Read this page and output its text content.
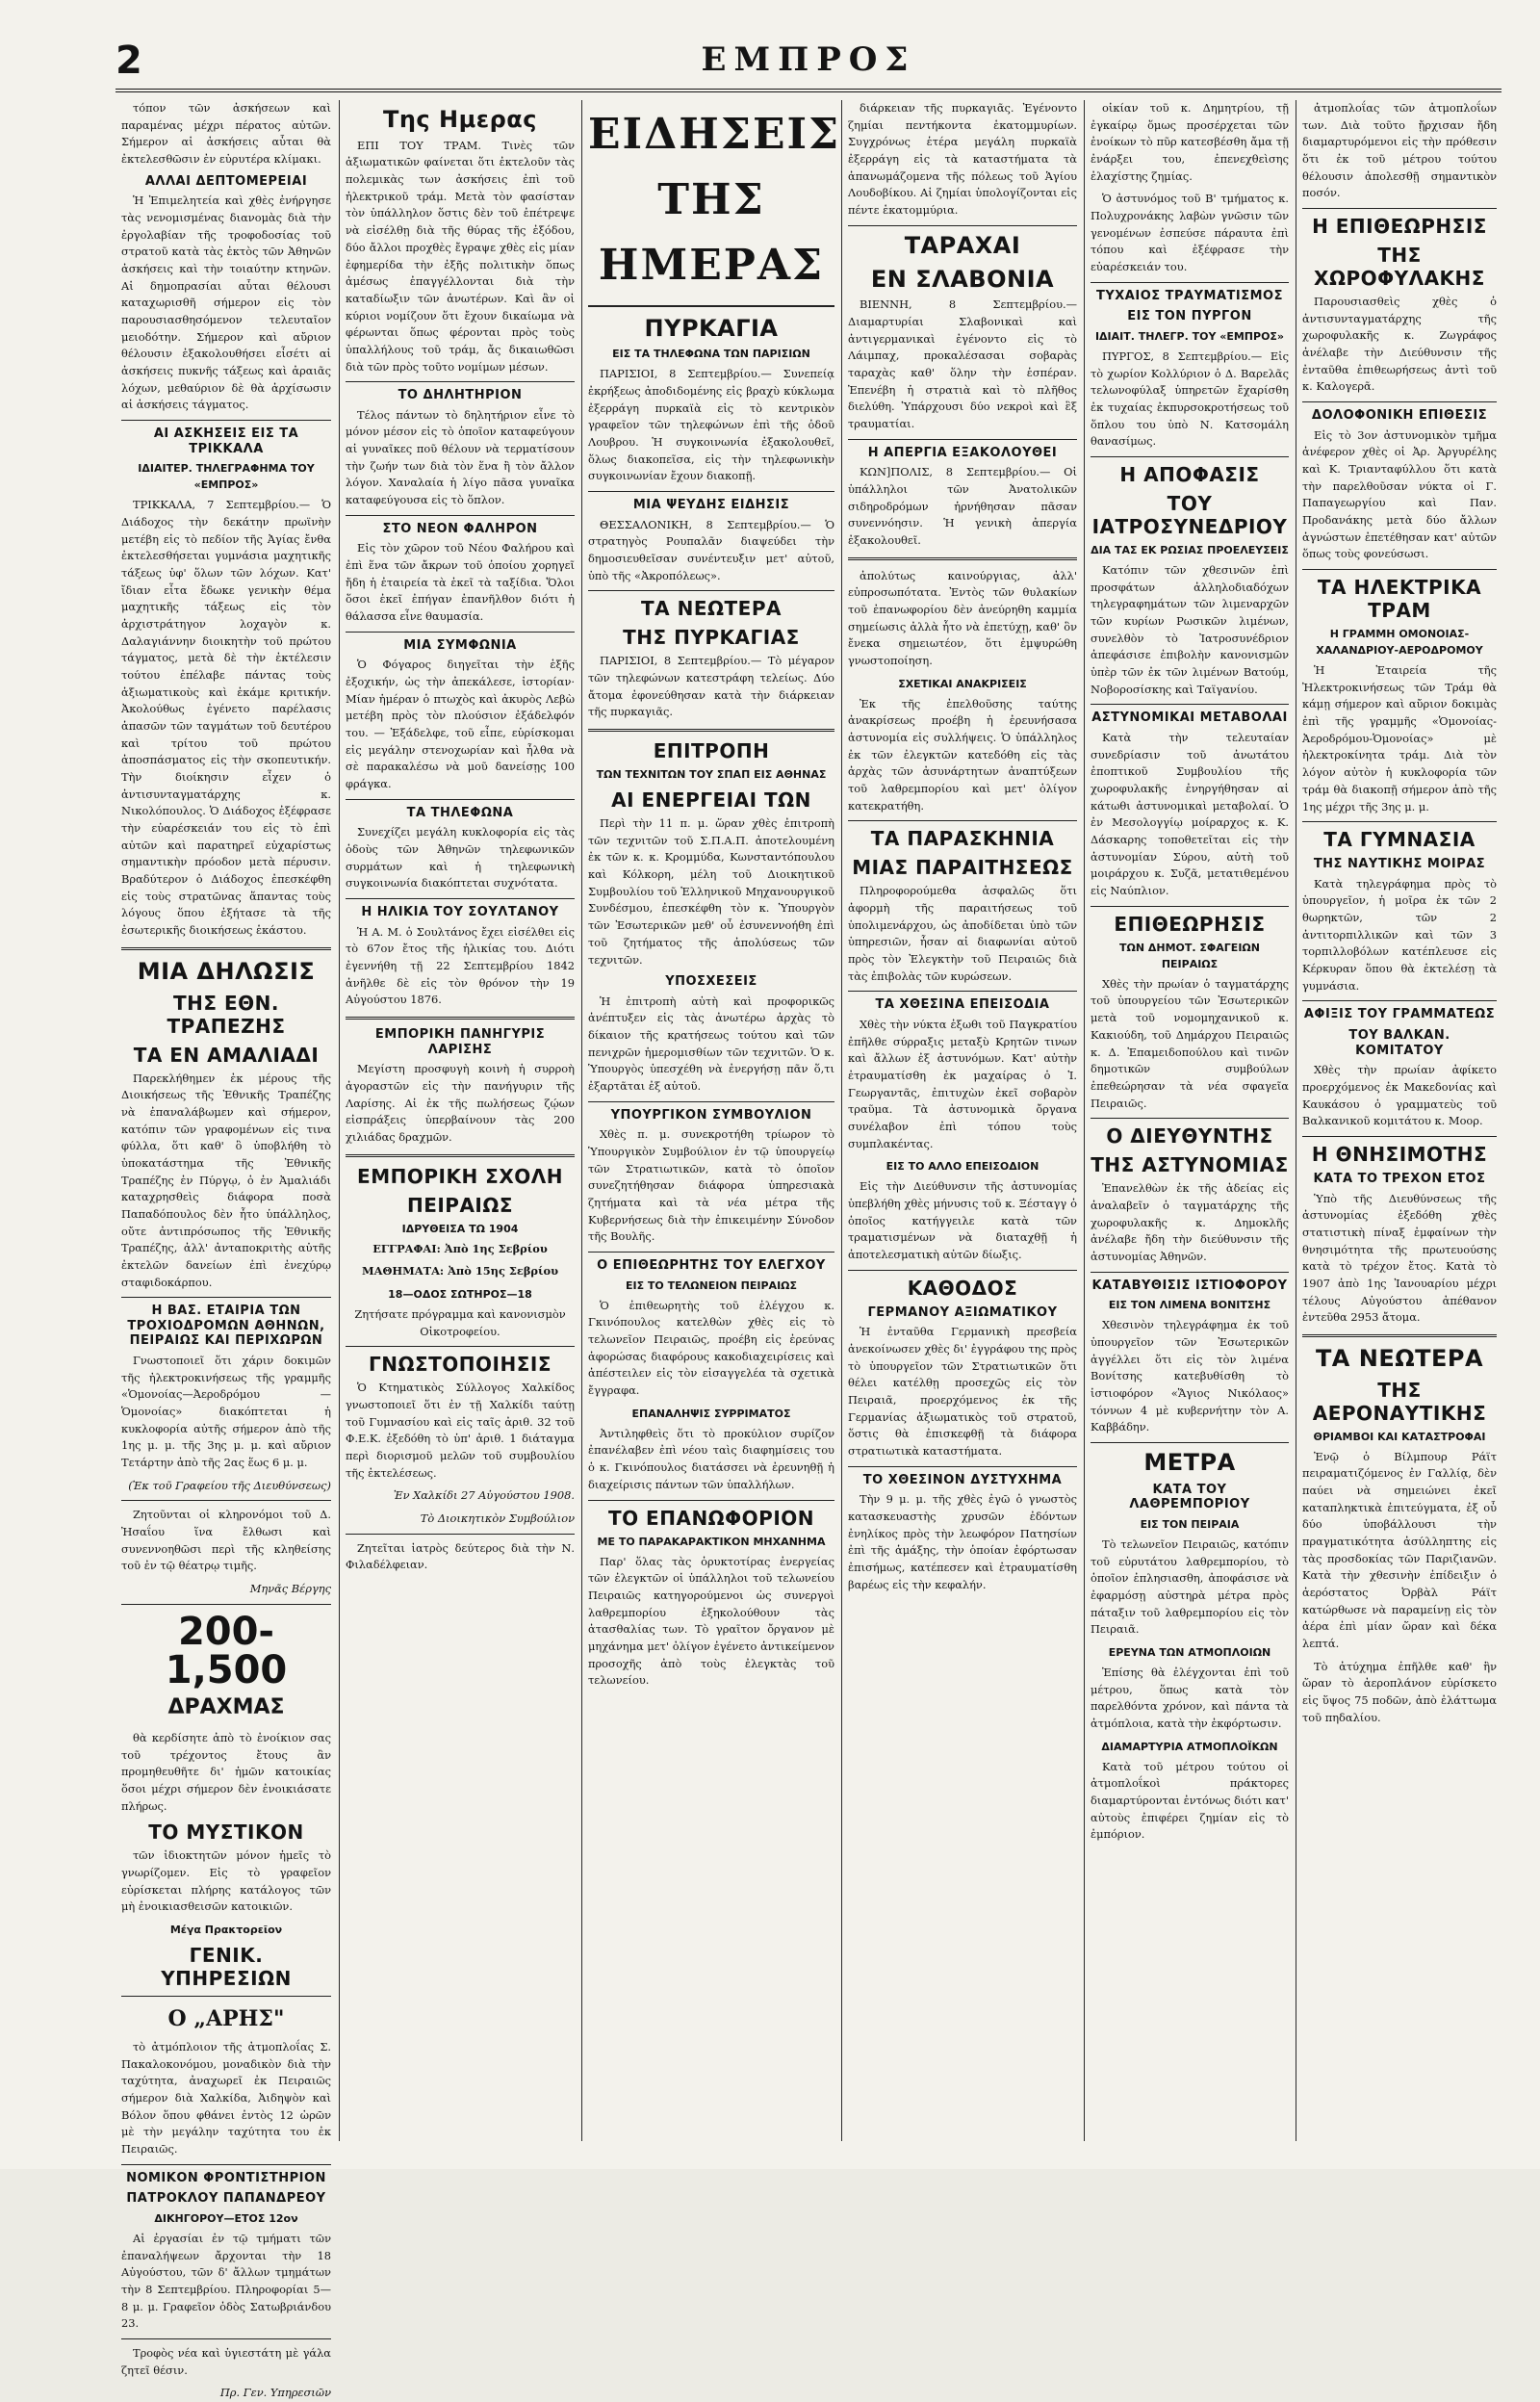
2	ΕΜΠΡΟΣ

τόπον τῶν ἀσκήσεων καὶ παραμένας μέχρι πέρατος αὐτῶν. Σήμερον αἱ ἀσκήσεις αὗται θὰ ἐκτελεσθῶσιν ἐν εὐρυτέρα κλίμακι.

ΑΛΛΑΙ ΔΕΠΤΟΜΕΡΕΙΑΙ

Ἡ Ἐπιμελητεία καὶ χθὲς ἐνήργησε τὰς νενομισμένας διανομὰς διὰ τὴν ἐργολαβίαν τῆς τροφοδοσίας τοῦ στρατοῦ κατὰ τὰς ἐκτὸς τῶν Ἀθηνῶν ἀσκήσεις καὶ τὴν τοιαύτην κτηνῶν. Αἱ δημοπρασίαι αὗται θέλουσι καταχωρισθῆ σήμερον εἰς τὸν παρουσιασθησόμενον τελευταῖον μειοδότην. Σήμερον καὶ αὔριον θέλουσιν ἐξακολουθήσει εἶσέτι αἱ ἀσκήσεις πυκνῆς τάξεως καὶ ἀραιᾶς λόχων, μεθαύριον δὲ θὰ ἀρχίσωσιν αἱ ἀσκήσεις τάγματος.

ΑΙ ΑΣΚΗΣΕΙΣ ΕΙΣ ΤΑ ΤΡΙΚΚΑΛΑ
ΙΔΙΑΙΤΕΡ. ΤΗΛΕΓΡΑΦΗΜΑ ΤΟΥ «ΕΜΠΡΟΣ»

ΤΡΙΚΚΑΛΑ, 7 Σεπτεμβρίου.— Ὁ Διάδοχος τὴν δεκάτην πρωϊνὴν μετέβη εἰς τὸ πεδίον τῆς Ἀγίας ἔνθα ἐκτελεσθήσεται γυμνάσια μαχητικῆς τάξεως ὑφ' ὅλων τῶν λόχων. Κατ' ἴδιαν εἶτα ἔδωκε γενικὴν θέμα μαχητικῆς τάξεως εἰς τὸν ἀρχιστράτηγον λοχαγὸν κ. Δαλαγιάννην διοικητὴν τοῦ πρώτου τάγματος, μετὰ δὲ τὴν ἐκτέλεσιν τούτου ἐπέλαβε πάντας τοὺς ἀξιωματικοὺς καὶ ἐκάμε κριτικήν. Ἀκολούθως ἐγένετο παρέλασις ἁπασῶν τῶν ταγμάτων τοῦ δευτέρου καὶ τρίτου τοῦ πρώτου ἀποσπάσματος εἰς τὴν σκοπευτικήν. Τὴν διοίκησιν εἶχεν ὁ ἀντισυνταγματάρχης κ. Νικολόπουλος. Ὁ Διάδοχος ἐξέφρασε τὴν εὐαρέσκειάν του εἰς τὸ ἐπὶ αὐτῶν καὶ παρατηρεῖ εὐχαρίστως σημαντικὴν πρόοδον μετὰ πέρυσιν. Βραδύτερον ὁ Διάδοχος ἐπεσκέφθη εἰς τοὺς στρατῶνας ἅπαντας τοὺς λόγους ὅπου ἐξήτασε τὰ τῆς ἐσωτερικῆς διοικήσεως ἑκάστου.

ΜΙΑ ΔΗΛΩΣΙΣ
ΤΗΣ ΕΘΝ. ΤΡΑΠΕΖΗΣ
ΤΑ ΕΝ ΑΜΑΛΙΑΔΙ

Παρεκλήθημεν ἐκ μέρους τῆς Διοικήσεως τῆς Ἐθνικῆς Τραπέζης νὰ ἐπαναλάβωμεν καὶ σήμερον, κατόπιν τῶν γραφομένων εἰς τινα φύλλα, ὅτι καθ' ὃ ὑποβλήθη τὸ ὑποκατάστημα τῆς Ἐθνικῆς Τραπέζης ἐν Πύργῳ, ὁ ἐν Ἀμαλιάδι καταχρησθεὶς διάφορα ποσὰ Παπαδόπουλος δὲν ἦτο ὑπάλληλος, οὔτε ἀντιπρόσωπος τῆς Ἐθνικῆς Τραπέζης, ἀλλ' ἀνταποκριτὴς αὐτῆς ἐκτελῶν δανείων ἐπὶ ἐνεχύρῳ σταφιδοκάρπου.

Η ΒΑΣ. ΕΤΑΙΡΙΑ ΤΩΝ ΤΡΟΧΙΟΔΡΟΜΩΝ ΑΘΗΝΩΝ, ΠΕΙΡΑΙΩΣ ΚΑΙ ΠΕΡΙΧΩΡΩΝ

Γνωστοποιεῖ ὅτι χάριν δοκιμῶν τῆς ἠλεκτροκινήσεως τῆς γραμμῆς «Ὁμονοίας—Ἀεροδρόμου — Ὁμονοίας» διακόπτεται ἡ κυκλοφορία αὐτῆς σήμερον ἀπὸ τῆς 1ης μ. μ. τῆς 3ης μ. μ. καὶ αὔριον Τετάρτην ἀπὸ τῆς 2ας ἕως 6 μ. μ.

(Ἐκ τοῦ Γραφείου τῆς Διευθύνσεως)

Ζητοῦνται οἱ κληρονόμοι τοῦ Δ. Ἠσαΐου ἵνα ἔλθωσι καὶ συνεννοηθῶσι περὶ τῆς κληθείσης τοῦ ἐν τῷ θέατρῳ τιμῆς.

Μηνᾶς Βέργης

200-1,500
ΔΡΑΧΜΑΣ

θὰ κερδίσητε ἀπὸ τὸ ἐνοίκιον σας τοῦ τρέχοντος ἔτους ἂν προμηθευθῆτε δι' ἡμῶν κατοικίας ὅσοι μέχρι σήμερον δὲν ἐνοικιάσατε πλήρως.

ΤΟ ΜΥΣΤΙΚΟΝ

τῶν ἰδιοκτητῶν μόνον ἡμεῖς τὸ γνωρίζομεν. Εἰς τὸ γραφεῖον εὑρίσκεται πλήρης κατάλογος τῶν μὴ ἐνοικιασθεισῶν κατοικιῶν.

Μέγα Πρακτορεῖον
ΓΕΝΙΚ. ΥΠΗΡΕΣΙΩΝ
Ο „ΑΡΗΣ"

τὸ ἀτμόπλοιον τῆς ἀτμοπλοΐας Σ. Πακαλοκονόμου, μοναδικὸν διὰ τὴν ταχύτητα, ἀναχωρεῖ ἐκ Πειραιῶς σήμερον διὰ Χαλκίδα, Ἀιδηψὸν καὶ Βόλον ὅπου φθάνει ἐντὸς 12 ὡρῶν μὲ τὴν μεγάλην ταχύτητα του ἐκ Πειραιῶς.

ΝΟΜΙΚΟΝ ΦΡΟΝΤΙΣΤΗΡΙΟΝ
ΠΑΤΡΟΚΛΟΥ ΠΑΠΑΝΔΡΕΟΥ
ΔΙΚΗΓΟΡΟΥ—ΕΤΟΣ 12ον

Αἱ ἐργασίαι ἐν τῷ τμήματι τῶν ἐπαναλήψεων ἄρχονται τὴν 18 Αὐγούστου, τῶν δ' ἄλλων τμημάτων τὴν 8 Σεπτεμβρίου. Πληροφορίαι 5—8 μ. μ. Γραφεῖον ὁδὸς Σατωβριάνδου 23.

Τροφὸς νέα καὶ ὑγιεστάτη μὲ γάλα ζητεῖ θέσιν.

Πρ. Γεν. Υπηρεσιῶν

Της Ημερας

ΕΠΙ ΤΟΥ ΤΡΑΜ. Τινὲς τῶν ἀξιωματικῶν φαίνεται ὅτι ἐκτελοῦν τὰς πολεμικὰς των ἀσκήσεις ἐπὶ τοῦ ἠλεκτρικοῦ τράμ. Μετὰ τὸν φασίσταν τὸν ὑπάλληλον ὅστις δὲν τοῦ ἐπέτρεψε νὰ εἰσέλθῃ διὰ τῆς θύρας τῆς ἐξόδου, δύο ἄλλοι προχθὲς ἔγραψε χθὲς εἰς μίαν ἐφημερίδα τὴν ἐξῆς πολιτικὴν ὅπως ἀμέσως ἐπαγγέλλονται διὰ τὴν καταδίωξιν τῶν ἀνωτέρων. Καὶ ἂν οἱ κύριοι νομίζουν ὅτι ἔχουν δικαίωμα νὰ φέρωνται ὅπως φέρονται πρὸς τοὺς ὑπαλλήλους τοῦ τράμ, ἄς δικαιωθῶσι διὰ τῶν πρὸς τοῦτο νομίμων μέσων.

ΤΟ ΔΗΛΗΤΗΡΙΟΝ

Τέλος πάντων τὸ δηλητήριον εἶνε τὸ μόνον μέσον εἰς τὸ ὁποῖον καταφεύγουν αἱ γυναῖκες ποῦ θέλουν νὰ τερματίσουν τὴν ζωήν των διὰ τὸν ἕνα ἢ τὸν ἄλλον λόγον. Χαναλαία ἡ λίγο πᾶσα γυναῖκα καταφεύγουσα εἰς τὸ ὅπλον.

ΣΤΟ ΝΕΟΝ ΦΑΛΗΡΟΝ

Εἰς τὸν χῶρον τοῦ Νέου Φαλήρου καὶ ἐπὶ ἕνα τῶν ἄκρων τοῦ ὁποίου χορηγεῖ ἤδη ἡ ἐταιρεία τὰ ἐκεῖ τὰ ταξίδια. Ὅλοι ὅσοι ἐκεῖ ἐπήγαν ἐπανῆλθον διότι ἡ θάλασσα εἶνε θαυμασία.

ΜΙΑ ΣΥΜΦΩΝΙΑ

Ὁ Φόγαρος διηγεῖται τὴν ἑξῆς ἐξοχικήν, ὡς τὴν ἀπεκάλεσε, ἱστορίαν· Μίαν ἡμέραν ὁ πτωχὸς καὶ ἀκυρὸς Λεβὼ μετέβη πρὸς τὸν πλούσιον ἐξάδελφόν του. — Ἐξάδελφε, τοῦ εἶπε, εὑρίσκομαι εἰς μεγάλην στενοχωρίαν καὶ ἦλθα νὰ σὲ παρακαλέσω νὰ μοῦ δανείσῃς 100 φράγκα.

ΤΑ ΤΗΛΕΦΩΝΑ

Συνεχίζει μεγάλη κυκλοφορία εἰς τὰς ὁδοὺς τῶν Ἀθηνῶν τηλεφωνικῶν συρμάτων καὶ ἡ τηλεφωνικὴ συγκοινωνία διακόπτεται συχνότατα.

Η ΗΛΙΚΙΑ ΤΟΥ ΣΟΥΛΤΑΝΟΥ

Ἡ Α. Μ. ὁ Σουλτάνος ἔχει εἰσέλθει εἰς τὸ 67ον ἔτος τῆς ἡλικίας του. Διότι ἐγεννήθη τῇ 22 Σεπτεμβρίου 1842 ἀνῆλθε δὲ εἰς τὸν θρόνον τὴν 19 Αὐγούστου 1876.

ΕΜΠΟΡΙΚΗ ΠΑΝΗΓΥΡΙΣ ΛΑΡΙΣΗΣ

Μεγίστη προσφυγὴ κοινὴ ἡ συρροὴ ἀγοραστῶν εἰς τὴν πανήγυριν τῆς Λαρίσης. Αἱ ἐκ τῆς πωλήσεως ζῴων εἰσπράξεις ὑπερβαίνουν τὰς 200 χιλιάδας δραχμῶν.

ΕΜΠΟΡΙΚΗ ΣΧΟΛΗ
ΠΕΙΡΑΙΩΣ
ΙΔΡΥΘΕΙΣΑ ΤΩ 1904

ΕΓΓΡΑΦΑΙ: Ἀπὸ 1ης Σεβρίου

ΜΑΘΗΜΑΤΑ: Ἀπὸ 15ης Σεβρίου

18—ΟΔΟΣ ΣΩΤΗΡΟΣ—18

Ζητήσατε πρόγραμμα καὶ κανονισμὸν Οἰκοτροφείου.

ΓΝΩΣΤΟΠΟΙΗΣΙΣ

Ὁ Κτηματικὸς Σύλλογος Χαλκίδος γνωστοποιεῖ ὅτι ἐν τῇ Χαλκίδι ταύτῃ τοῦ Γυμνασίου καὶ εἰς ταῖς ἀριθ. 32 τοῦ Φ.Ε.Κ. ἐξεδόθη τὸ ὑπ' ἀριθ. 1 διάταγμα περὶ διορισμοῦ μελῶν τοῦ συμβουλίου τῆς ἐκτελέσεως.

Ἐν Χαλκίδι 27 Αὐγούστου 1908.

Τὸ Διοικητικὸν Συμβούλιον

Ζητεῖται ἰατρὸς δεύτερος διὰ τὴν Ν. Φιλαδέλφειαν.

ΕΙΔΗΣΕΙΣ ΤΗΣ ΗΜΕΡΑΣ
ΠΥΡΚΑΓΙΑ
ΕΙΣ ΤΑ ΤΗΛΕΦΩΝΑ ΤΩΝ ΠΑΡΙΣΙΩΝ

ΠΑΡΙΣΙΟΙ, 8 Σεπτεμβρίου.— Συνεπείᾳ ἐκρήξεως ἀποδιδομένης εἰς βραχὺ κύκλωμα ἐξερράγη πυρκαϊὰ εἰς τὸ κεντρικὸν γραφεῖον τῶν τηλεφώνων ἐπὶ τῆς ὁδοῦ Λουβρου. Ἡ συγκοινωνία ἐξακολουθεῖ, ὅλως διακοπεῖσα, εἰς τὴν τηλεφωνικὴν συγκοινωνίαν ἔχουν διακοπῇ.

ΜΙΑ ΨΕΥΔΗΣ ΕΙΔΗΣΙΣ

ΘΕΣΣΑΛΟΝΙΚΗ, 8 Σεπτεμβρίου.— Ὁ στρατηγὸς Ρουπαλᾶν διαψεύδει τὴν δημοσιευθεῖσαν συνέντευξιν μετ' αὐτοῦ, ὑπὸ τῆς «Ἀκροπόλεως».

ΤΑ ΝΕΩΤΕΡΑ
ΤΗΣ ΠΥΡΚΑΓΙΑΣ

ΠΑΡΙΣΙΟΙ, 8 Σεπτεμβρίου.— Τὸ μέγαρον τῶν τηλεφώνων κατεστράφη τελείως. Δύο ἄτομα ἐφονεύθησαν κατὰ τὴν διάρκειαν τῆς πυρκαγιᾶς.

ΕΠΙΤΡΟΠΗ
ΤΩΝ ΤΕΧΝΙΤΩΝ ΤΟΥ ΣΠΑΠ ΕΙΣ ΑΘΗΝΑΣ
ΑΙ ΕΝΕΡΓΕΙΑΙ ΤΩΝ

Περὶ τὴν 11 π. μ. ὥραν χθὲς ἐπιτροπὴ τῶν τεχνιτῶν τοῦ Σ.Π.Α.Π. ἀποτελουμένη ἐκ τῶν κ. κ. Κρομμύδα, Κωνσταντόπουλου καὶ Κόλκορη, μέλη τοῦ Διοικητικοῦ Συμβουλίου τοῦ Ἑλληνικοῦ Μηχανουργικοῦ Συνδέσμου, ἐπεσκέφθη τὸν κ. Ὑπουργὸν τῶν Ἐσωτερικῶν μεθ' οὗ ἐσυνεννοήθη ἐπὶ τοῦ ζητήματος τῆς ἀπολύσεως τῶν τεχνιτῶν.

ΥΠΟΣΧΕΣΕΙΣ

Ἡ ἐπιτροπὴ αὐτὴ καὶ προφορικῶς ἀνέπτυξεν εἰς τὰς ἀνωτέρω ἀρχὰς τὸ δίκαιον τῆς κρατήσεως τούτου καὶ τῶν πενιχρῶν ἡμερομισθίων τῶν τεχνιτῶν. Ὁ κ. Ὑπουργὸς ὑπεσχέθη νὰ ἐνεργήσῃ πᾶν ὅ,τι ἐξαρτᾶται ἐξ αὐτοῦ.

ΥΠΟΥΡΓΙΚΟΝ ΣΥΜΒΟΥΛΙΟΝ

Χθὲς π. μ. συνεκροτήθη τρίωρον τὸ Ὑπουργικὸν Συμβούλιον ἐν τῷ ὑπουργείῳ τῶν Στρατιωτικῶν, κατὰ τὸ ὁποῖον συνεζητήθησαν διάφορα ὑπηρεσιακὰ ζητήματα καὶ τὰ νέα μέτρα τῆς Κυβερνήσεως διὰ τὴν ἐπικειμένην Σύνοδον τῆς Βουλῆς.

Ο ΕΠΙΘΕΩΡΗΤΗΣ ΤΟΥ ΕΛΕΓΧΟΥ
ΕΙΣ ΤΟ ΤΕΛΩΝΕΙΟΝ ΠΕΙΡΑΙΩΣ

Ὁ ἐπιθεωρητὴς τοῦ ἐλέγχου κ. Γκινόπουλος κατελθὼν χθὲς εἰς τὸ τελωνεῖον Πειραιῶς, προέβη εἰς ἐρεύνας ἀφορώσας διαφόρους κακοδιαχειρίσεις καὶ ἀπέστειλεν εἰς τὸν εἰσαγγελέα τὰ σχετικὰ ἔγγραφα.

ΕΠΑΝΑΛΗΨΙΣ ΣΥΡΡΙΜΑΤΟΣ

Ἀντιληφθεὶς ὅτι τὸ προκύλιον συρίζον ἐπανέλαβεν ἐπὶ νέου ταὶς διαφημίσεις του ὁ κ. Γκινόπουλος διατάσσει νὰ ἐρευνηθῇ ἡ διαχείρισις πάντων τῶν ὑπαλλήλων.

ΤΟ ΕΠΑΝΩΦΟΡΙΟΝ
ΜΕ ΤΟ ΠΑΡΑΚΑΡΑΚΤΙΚΟΝ ΜΗΧΑΝΗΜΑ

Παρ' ὅλας τὰς ὀρυκτοτίρας ἐνεργείας τῶν ἐλεγκτῶν οἱ ὑπάλληλοι τοῦ τελωνείου Πειραιῶς κατηγορούμενοι ὡς συνεργοὶ λαθρεμπορίου ἐξηκολούθουν τὰς ἀτασθαλίας των. Τὸ γραῖτον ὄργανον μὲ μηχάνημα μετ' ὀλίγον ἐγένετο ἀντικείμενον προσοχῆς ἀπὸ τοὺς ἐλεγκτὰς τοῦ τελωνείου.

διάρκειαν τῆς πυρκαγιᾶς. Ἐγένοντο ζημίαι πεντήκοντα ἑκατομμυρίων. Συγχρόνως ἑτέρα μεγάλη πυρκαϊὰ ἐξερράγη εἰς τὰ καταστήματα τὰ ἀπανωμάζομενα τῆς πόλεως τοῦ Ἁγίου Λουδοβίκου. Αἱ ζημίαι ὑπολογίζονται εἰς πέντε ἑκατομμύρια.

ΤΑΡΑΧΑΙ
ΕΝ ΣΛΑΒΟΝΙΑ

ΒΙΕΝΝΗ, 8 Σεπτεμβρίου.— Διαμαρτυρίαι Σλαβονικαὶ καὶ ἀντιγερμανικαὶ ἐγένοντο εἰς τὸ Λάιμπαχ, προκαλέσασαι σοβαρὰς ταραχὰς καθ' ὅλην τὴν ἑσπέραν. Ἐπενέβη ἡ στρατιὰ καὶ τὸ πλῆθος διελύθη. Ὑπάρχουσι δύο νεκροὶ καὶ ἓξ τραυματίαι.

Η ΑΠΕΡΓΙΑ ΕΞΑΚΟΛΟΥΘΕΙ

ΚΩΝ]ΠΟΛΙΣ, 8 Σεπτεμβρίου.— Οἱ ὑπάλληλοι τῶν Ἀνατολικῶν σιδηροδρόμων ἠρνήθησαν πᾶσαν συνεννόησιν. Ἡ γενικὴ ἀπεργία ἐξακολουθεῖ.

ἀπολύτως καινούργιας, ἀλλ' εὐπροσωπότατα. Ἐντὸς τῶν θυλακίων τοῦ ἐπανωφορίου δὲν ἀνεύρηθη καμμία σημείωσις ἀλλὰ ἦτο νὰ ἐπετύχῃ, καθ' ὃν ἔνεκα σημειωτέον, ὅτι ἐμψυρώθη γνωστοποίηση.

ΣΧΕΤΙΚΑΙ ΑΝΑΚΡΙΣΕΙΣ

Ἐκ τῆς ἐπελθοῦσης ταύτης ἀνακρίσεως προέβη ἡ ἐρευνήσασα ἀστυνομία εἰς συλλήψεις. Ὁ ὑπάλληλος ἐκ τῶν ἐλεγκτῶν κατεδόθη εἰς τὰς ἀρχὰς τῶν ἀσυνάρτητων ἀναπτύξεων τοῦ λαθρεμπορίου καὶ μετ' ὀλίγον κατεκρατήθη.

ΤΑ ΠΑΡΑΣΚΗΝΙΑ
ΜΙΑΣ ΠΑΡΑΙΤΗΣΕΩΣ

Πληροφορούμεθα ἀσφαλῶς ὅτι ἀφορμὴ τῆς παραιτήσεως τοῦ ὑπολιμενάρχου, ὡς ἀποδίδεται ὑπὸ τῶν ὑπηρεσιῶν, ἦσαν αἱ διαφωνίαι αὐτοῦ πρὸς τὸν Ἐλεγκτὴν τοῦ Πειραιῶς διὰ τὰς ἐπιβολὰς τῶν κυρώσεων.

ΤΑ ΧΘΕΣΙΝΑ ΕΠΕΙΣΟΔΙΑ

Χθὲς τὴν νύκτα ἐξωθι τοῦ Παγκρατίου ἐπῆλθε σύρραξις μεταξὺ Κρητῶν τινων καὶ ἄλλων ἐξ ἀστυνόμων. Κατ' αὐτὴν ἐτραυματίσθη ἐκ μαχαίρας ὁ Ἱ. Γεωργαντᾶς, ἐπιτυχὼν ἐκεῖ σοβαρὸν τραῦμα. Τὰ ἀστυνομικὰ ὄργανα συνέλαβον ἐπὶ τόπου τοὺς συμπλακέντας.

ΕΙΣ ΤΟ ΑΛΛΟ ΕΠΕΙΣΟΔΙΟΝ

Εἰς τὴν Διεύθυνσιν τῆς ἀστυνομίας ὑπεβλήθη χθὲς μήνυσις τοῦ κ. Ξέσταγγ ὁ ὁποῖος κατήγγειλε κατὰ τῶν τραματισμένων νὰ διαταχθῇ ἡ ἀποτελεσματικὴ αὐτῶν δίωξις.

ΚΑΘΟΔΟΣ
ΓΕΡΜΑΝΟΥ ΑΞΙΩΜΑΤΙΚΟΥ

Ἡ ἐνταῦθα Γερμανικὴ πρεσβεία ἀνεκοίνωσεν χθὲς δι' ἐγγράφου της πρὸς τὸ ὑπουργεῖον τῶν Στρατιωτικῶν ὅτι θέλει κατέλθῃ προσεχῶς εἰς τὸν Πειραιᾶ, προερχόμενος ἐκ τῆς Γερμανίας ἀξιωματικὸς τοῦ στρατοῦ, ὅστις θὰ ἐπισκεφθῇ τὰ διάφορα στρατιωτικὰ καταστήματα.

ΤΟ ΧΘΕΣΙΝΟΝ ΔΥΣΤΥΧΗΜΑ

Τὴν 9 μ. μ. τῆς χθὲς ἐγῶ ὁ γνωστὸς κατασκευαστὴς χρυσῶν ἐδόντων ἐνηλίκος πρὸς τὴν λεωφόρον Πατησίων ἐπὶ τῆς ἁμάξης, τὴν ὁποίαν ἐφόρτωσαν ἐπισήμως, κατέπεσεν καὶ ἐτραυματίσθη βαρέως εἰς τὴν κεφαλήν.

οἰκίαν τοῦ κ. Δημητρίου, τῇ ἐγκαίρῳ ὅμως προσέρχεται τῶν ἐνοίκων τὸ πῦρ κατεσβέσθη ἄμα τῇ ἐνάρξει του, ἐπενεχθεὶσης ἐλαχίστης ζημίας.

Ὁ ἀστυνόμος τοῦ Β' τμήματος κ. Πολυχρονάκης λαβὼν γνῶσιν τῶν γενομένων ἐσπεύσε πάραυτα ἐπὶ τόπου καὶ ἐξέφρασε τὴν εὐαρέσκειάν του.

ΤΥΧΑΙΟΣ ΤΡΑΥΜΑΤΙΣΜΟΣ
ΕΙΣ ΤΟΝ ΠΥΡΓΟΝ
ΙΔΙΑΙΤ. ΤΗΛΕΓΡ. ΤΟΥ «ΕΜΠΡΟΣ»

ΠΥΡΓΟΣ, 8 Σεπτεμβρίου.— Εἰς τὸ χωρίον Κολλύριον ὁ Δ. Βαρελᾶς τελωνοφύλαξ ὑπηρετῶν ἔχαρίσθη ἐκ τυχαίας ἐκπυρσοκροτήσεως τοῦ ὅπλου του ὑπὸ Ν. Κατσομάλη θανασίμως.

Η ΑΠΟΦΑΣΙΣ
ΤΟΥ ΙΑΤΡΟΣΥΝΕΔΡΙΟΥ
ΔΙΑ ΤΑΣ ΕΚ ΡΩΣΙΑΣ ΠΡΟΕΛΕΥΣΕΙΣ

Κατόπιν τῶν χθεσινῶν ἐπὶ προσφάτων ἀλληλοδιαδόχων τηλεγραφημάτων τῶν λιμεναρχῶν τῶν κυρίων Ρωσικῶν λιμένων, συνελθὸν τὸ Ἰατροσυνέδριον ἀπεφάσισε ἐπιβολὴν κανονισμῶν ὑπὲρ τῶν ἐκ τῶν λιμένων Βατούμ, Νοβοροσίσκης καὶ Ταϊγανίου.

ΑΣΤΥΝΟΜΙΚΑΙ ΜΕΤΑΒΟΛΑΙ

Κατὰ τὴν τελευταίαν συνεδρίασιν τοῦ ἀνωτάτου ἐποπτικοῦ Συμβουλίου τῆς χωροφυλακῆς ἐνηργήθησαν αἱ κάτωθι ἀστυνομικαὶ μεταβολαί. Ὁ ἐν Μεσολογγίῳ μοίραρχος κ. Κ. Δάσκαρης τοποθετεῖται εἰς τὴν ἀστυνομίαν Σύρου, αὐτὴ τοῦ μοιράρχου κ. Συζᾶ, μετατιθεμένου εἰς Ναύπλιον.

ΕΠΙΘΕΩΡΗΣΙΣ
ΤΩΝ ΔΗΜΟΤ. ΣΦΑΓΕΙΩΝ ΠΕΙΡΑΙΩΣ

Χθὲς τὴν πρωίαν ὁ ταγματάρχης τοῦ ὑπουργείου τῶν Ἐσωτερικῶν μετὰ τοῦ νομομηχανικοῦ κ. Κακιούδη, τοῦ Δημάρχου Πειραιῶς κ. Δ. Ἐπαμειδοπούλου καὶ τινῶν δημοτικῶν συμβούλων ἐπεθεώρησαν τὰ νέα σφαγεῖα Πειραιῶς.

Ο ΔΙΕΥΘΥΝΤΗΣ
ΤΗΣ ΑΣΤΥΝΟΜΙΑΣ

Ἐπανελθὼν ἐκ τῆς ἀδείας εἰς ἀναλαβεῖν ὁ ταγματάρχης τῆς χωροφυλακῆς κ. Δημοκλῆς ἀνέλαβε ἤδη τὴν διεύθυνσιν τῆς ἀστυνομίας Ἀθηνῶν.

ΚΑΤΑΒΥΘΙΣΙΣ ΙΣΤΙΟΦΟΡΟΥ
ΕΙΣ ΤΟΝ ΛΙΜΕΝΑ ΒΟΝΙΤΣΗΣ

Χθεσινὸν τηλεγράφημα ἐκ τοῦ ὑπουργεῖον τῶν Ἐσωτερικῶν ἀγγέλλει ὅτι εἰς τὸν λιμένα Βονίτσης κατεβυθίσθη τὸ ἱστιοφόρον «Ἅγιος Νικόλαος» τόννων 4 μὲ κυβερνήτην τὸν Α. Καββάδην.

ΜΕΤΡΑ
ΚΑΤΑ ΤΟΥ ΛΑΘΡΕΜΠΟΡΙΟΥ
ΕΙΣ ΤΟΝ ΠΕΙΡΑΙΑ

Τὸ τελωνεῖον Πειραιῶς, κατόπιν τοῦ εὐρυτάτου λαθρεμπορίου, τὸ ὁποῖον ἐπλησιασθη, ἀποφάσισε νὰ ἐφαρμόσῃ αὐστηρὰ μέτρα πρὸς πάταξιν τοῦ λαθρεμπορίου εἰς τὸν Πειραιᾶ.

ΕΡΕΥΝΑ ΤΩΝ ΑΤΜΟΠΛΟΙΩΝ

Ἐπίσης θὰ ἐλέγχονται ἐπὶ τοῦ μέτρου, ὅπως κατὰ τὸν παρελθόντα χρόνον, καὶ πάντα τὰ ἀτμόπλοια, κατὰ τὴν ἐκφόρτωσιν.

ΔΙΑΜΑΡΤΥΡΙΑ ΑΤΜΟΠΛΟΪΚΩΝ

Κατὰ τοῦ μέτρου τούτου οἱ ἀτμοπλοΐκοὶ πράκτορες διαμαρτύρονται ἐντόνως διότι κατ' αὐτοὺς ἐπιφέρει ζημίαν εἰς τὸ ἐμπόριον.

ἀτμοπλοΐας τῶν ἀτμοπλοΐων των. Διὰ τοῦτο ᾔρχισαν ἤδη διαμαρτυρόμενοι εἰς τὴν πρόθεσιν ὅτι ἐκ τοῦ μέτρου τούτου θέλουσιν ἀπολεσθῇ σημαντικὸν ποσόν.

Η ΕΠΙΘΕΩΡΗΣΙΣ
ΤΗΣ ΧΩΡΟΦΥΛΑΚΗΣ

Παρουσιασθεὶς χθὲς ὁ ἀντισυνταγματάρχης τῆς χωροφυλακῆς κ. Ζωγράφος ἀνέλαβε τὴν Διεύθυνσιν τῆς ἐνταῦθα ἐπιθεωρήσεως ἀντὶ τοῦ κ. Καλογερᾶ.

ΔΟΛΟΦΟΝΙΚΗ ΕΠΙΘΕΣΙΣ

Εἰς τὸ 3ον ἀστυνομικὸν τμῆμα ἀνέφερον χθὲς οἱ Ἀρ. Ἀργυρέλης καὶ Κ. Τριανταφύλλου ὅτι κατὰ τὴν παρελθοῦσαν νύκτα οἱ Γ. Παπαγεωργίου καὶ Παν. Προδανάκης μετὰ δύο ἄλλων ἀγνώστων ἐπετέθησαν κατ' αὐτῶν ὅπως τοὺς φονεύσωσι.

ΤΑ ΗΛΕΚΤΡΙΚΑ ΤΡΑΜ
Η ΓΡΑΜΜΗ ΟΜΟΝΟΙΑΣ-ΧΑΛΑΝΔΡΙΟΥ-ΑΕΡΟΔΡΟΜΟΥ

Ἡ Ἑταιρεία τῆς Ἠλεκτροκινήσεως τῶν Τράμ θὰ κάμῃ σήμερον καὶ αὔριον δοκιμὰς ἐπὶ τῆς γραμμῆς «Ὁμονοίας-Ἀεροδρόμου-Ὁμονοίας» μὲ ἠλεκτροκίνητα τράμ. Διὰ τὸν λόγον αὐτὸν ἡ κυκλοφορία τῶν τράμ θὰ διακοπῇ σήμερον ἀπὸ τῆς 1ης μέχρι τῆς 3ης μ. μ.

ΤΑ ΓΥΜΝΑΣΙΑ
ΤΗΣ ΝΑΥΤΙΚΗΣ ΜΟΙΡΑΣ

Κατὰ τηλεγράφημα πρὸς τὸ ὑπουργεῖον, ἡ μοῖρα ἐκ τῶν 2 θωρηκτῶν, τῶν 2 ἀντιτορπιλλικῶν καὶ τῶν 3 τορπιλλοβόλων κατέπλευσε εἰς Κέρκυραν ὅπου θὰ ἐκτελέσῃ τὰ γυμνάσια.

ΑΦΙΞΙΣ ΤΟΥ ΓΡΑΜΜΑΤΕΩΣ
ΤΟΥ ΒΑΛΚΑΝ. ΚΟΜΙΤΑΤΟΥ

Χθὲς τὴν πρωίαν ἀφίκετο προερχόμενος ἐκ Μακεδονίας καὶ Καυκάσου ὁ γραμματεὺς τοῦ Βαλκανικοῦ κομιτάτου κ. Μοορ.

Η ΘΝΗΣΙΜΟΤΗΣ
ΚΑΤΑ ΤΟ ΤΡΕΧΟΝ ΕΤΟΣ

Ὑπὸ τῆς Διευθύνσεως τῆς ἀστυνομίας ἐξεδόθη χθὲς στατιστικὴ πίναξ ἐμφαίνων τὴν θνησιμότητα τῆς πρωτευούσης κατὰ τὸ τρέχον ἔτος. Κατὰ τὸ 1907 ἀπὸ 1ης Ἰανουαρίου μέχρι τέλους Αὐγούστου ἀπέθανον ἐντεῦθα 2953 ἄτομα.

ΤΑ ΝΕΩΤΕΡΑ
ΤΗΣ ΑΕΡΟΝΑΥΤΙΚΗΣ
ΘΡΙΑΜΒΟΙ ΚΑΙ ΚΑΤΑΣΤΡΟΦΑΙ

Ἐνῷ ὁ Βίλμπουρ Ράϊτ πειραματιζόμενος ἐν Γαλλίᾳ, δὲν παύει νὰ σημειώνει ἐκεῖ καταπληκτικὰ ἐπιτεύγματα, ἐξ οὗ δύο ὑποβάλλουσι τὴν πραγματικότητα ἀσύλληπτης εἰς τὰς προσδοκίας τῶν Παριζιανῶν. Κατὰ τὴν χθεσινὴν ἐπίδειξιν ὁ ἀερόστατος Ὀρβὰλ Ράϊτ κατώρθωσε νὰ παραμείνῃ εἰς τὸν ἀέρα ἐπὶ μίαν ὥραν καὶ δέκα λεπτά.

Τὸ ἀτύχημα ἐπῆλθε καθ' ἣν ὥραν τὸ ἀεροπλάνον εὑρίσκετο εἰς ὕψος 75 ποδῶν, ἀπὸ ἐλάττωμα τοῦ πηδαλίου.
